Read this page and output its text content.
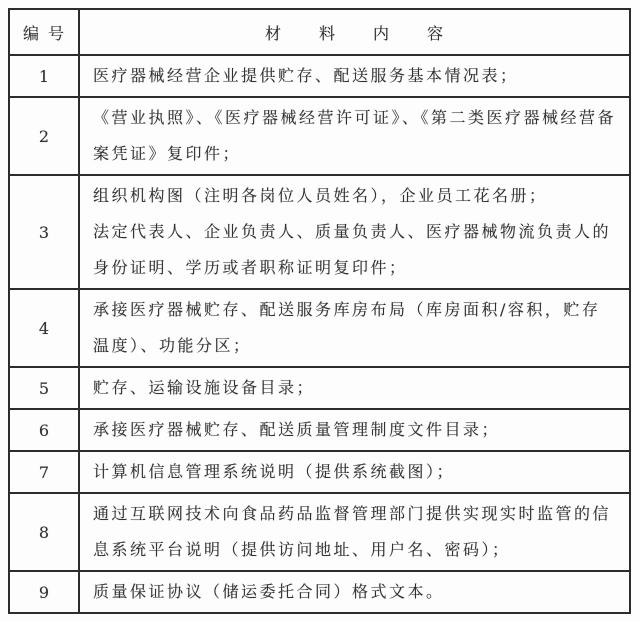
编号	材料内容
1	医疗器械经营企业提供贮存、配送服务基本情况表；

2	《营业执照》、《医疗器械经营许可证》、《第二类医疗器械经营备案凭证》复印件；

3	组织机构图（注明各岗位人员姓名），企业员工花名册；
法定代表人、企业负责人、质量负责人、医疗器械物流负责人的身份证明、学历或者职称证明复印件；

4	承接医疗器械贮存、配送服务库房布局（库房面积/容积，贮存温度）、功能分区；

5	贮存、运输设施设备目录；

6	承接医疗器械贮存、配送质量管理制度文件目录；

7	计算机信息管理系统说明（提供系统截图）；

8	通过互联网技术向食品药品监督管理部门提供实现实时监管的信息系统平台说明（提供访问地址、用户名、密码）；

9	质量保证协议（储运委托合同）格式文本。
